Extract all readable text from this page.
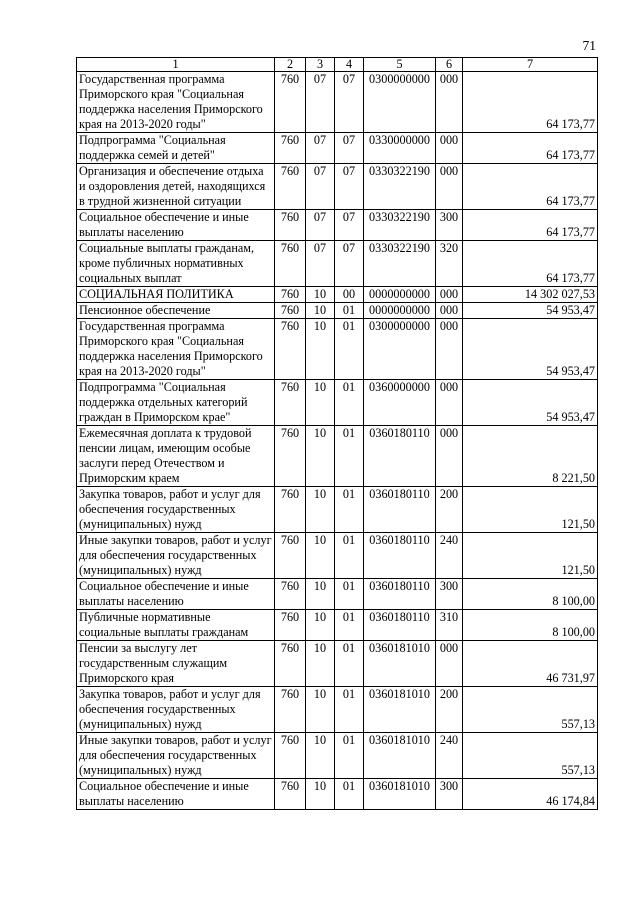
71
1	2	3	4	5	6	7
Государственная программа Приморского края "Социальная поддержка населения Приморского края на 2013-2020 годы"	760	07	07	0300000000	000	64 173,77
Подпрограмма "Социальная поддержка семей и детей"	760	07	07	0330000000	000	64 173,77
Организация и обеспечение отдыха и оздоровления детей, находящихся в трудной жизненной ситуации	760	07	07	0330322190	000	64 173,77
Социальное обеспечение и иные выплаты населению	760	07	07	0330322190	300	64 173,77
Социальные выплаты гражданам, кроме публичных нормативных социальных выплат	760	07	07	0330322190	320	64 173,77
СОЦИАЛЬНАЯ ПОЛИТИКА	760	10	00	0000000000	000	14 302 027,53
Пенсионное обеспечение	760	10	01	0000000000	000	54 953,47
Государственная программа Приморского края "Социальная поддержка населения Приморского края на 2013-2020 годы"	760	10	01	0300000000	000	54 953,47
Подпрограмма "Социальная поддержка отдельных категорий граждан в Приморском крае"	760	10	01	0360000000	000	54 953,47
Ежемесячная доплата к трудовой пенсии лицам, имеющим особые заслуги перед Отечеством и Приморским краем	760	10	01	0360180110	000	8 221,50
Закупка товаров, работ и услуг для обеспечения государственных (муниципальных) нужд	760	10	01	0360180110	200	121,50
Иные закупки товаров, работ и услуг для обеспечения государственных (муниципальных) нужд	760	10	01	0360180110	240	121,50
Социальное обеспечение и иные выплаты населению	760	10	01	0360180110	300	8 100,00
Публичные нормативные социальные выплаты гражданам	760	10	01	0360180110	310	8 100,00
Пенсии за выслугу лет государственным служащим Приморского края	760	10	01	0360181010	000	46 731,97
Закупка товаров, работ и услуг для обеспечения государственных (муниципальных) нужд	760	10	01	0360181010	200	557,13
Иные закупки товаров, работ и услуг для обеспечения государственных (муниципальных) нужд	760	10	01	0360181010	240	557,13
Социальное обеспечение и иные выплаты населению	760	10	01	0360181010	300	46 174,84
